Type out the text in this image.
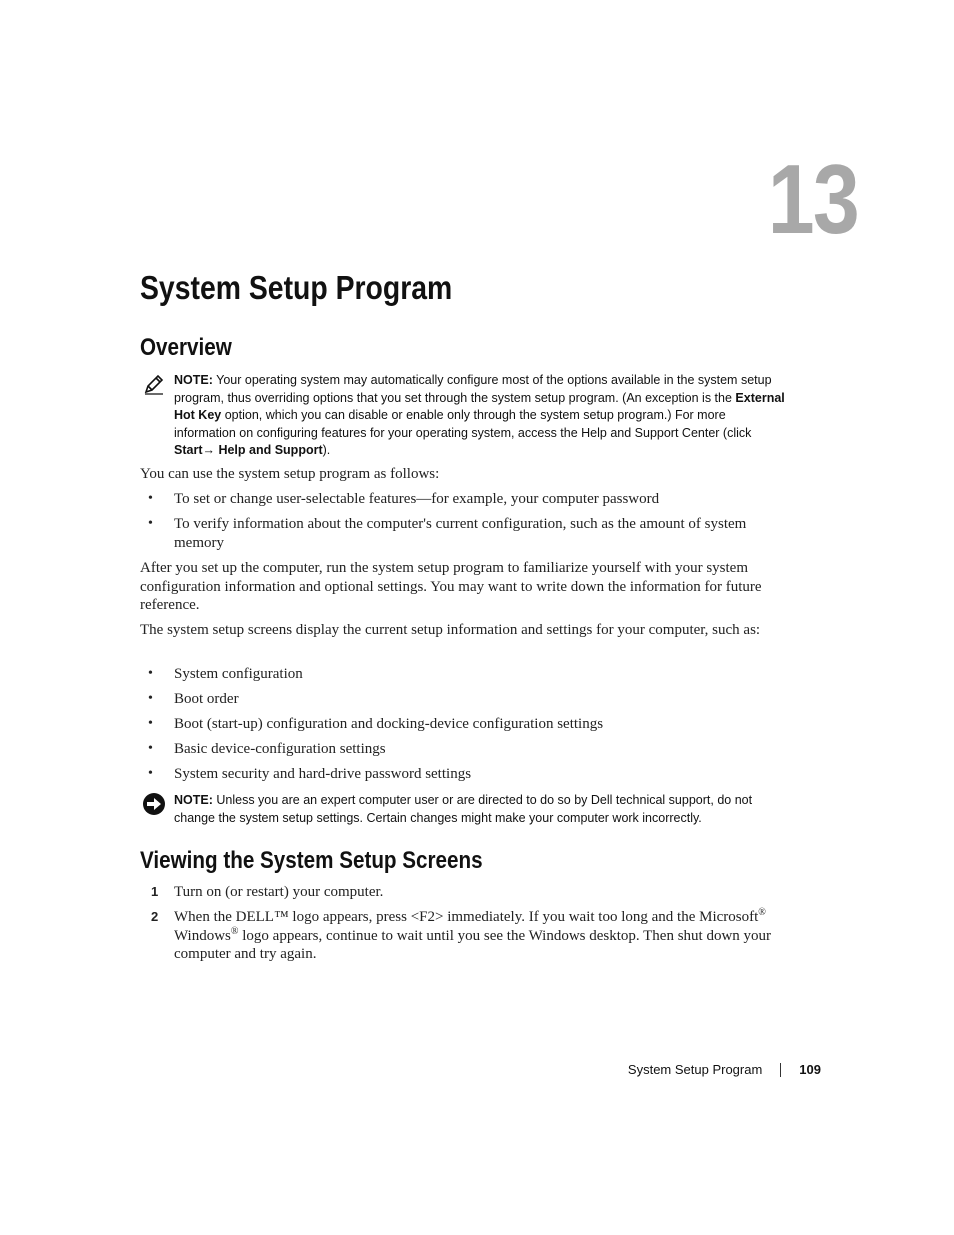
13
System Setup Program
Overview
NOTE: Your operating system may automatically configure most of the options available in the system setup program, thus overriding options that you set through the system setup program. (An exception is the External Hot Key option, which you can disable or enable only through the system setup program.) For more information on configuring features for your operating system, access the Help and Support Center (click Start→ Help and Support).

You can use the system setup program as follows:

• To set or change user-selectable features—for example, your computer password
• To verify information about the computer's current configuration, such as the amount of system memory

After you set up the computer, run the system setup program to familiarize yourself with your system configuration information and optional settings. You may want to write down the information for future reference.

The system setup screens display the current setup information and settings for your computer, such as:

• System configuration
• Boot order
• Boot (start-up) configuration and docking-device configuration settings
• Basic device-configuration settings
• System security and hard-drive password settings
NOTE: Unless you are an expert computer user or are directed to do so by Dell technical support, do not change the system setup settings. Certain changes might make your computer work incorrectly.
Viewing the System Setup Screens
1 Turn on (or restart) your computer.
2 When the DELL™ logo appears, press <F2> immediately. If you wait too long and the Microsoft® Windows® logo appears, continue to wait until you see the Windows desktop. Then shut down your computer and try again.
System Setup Program	109
